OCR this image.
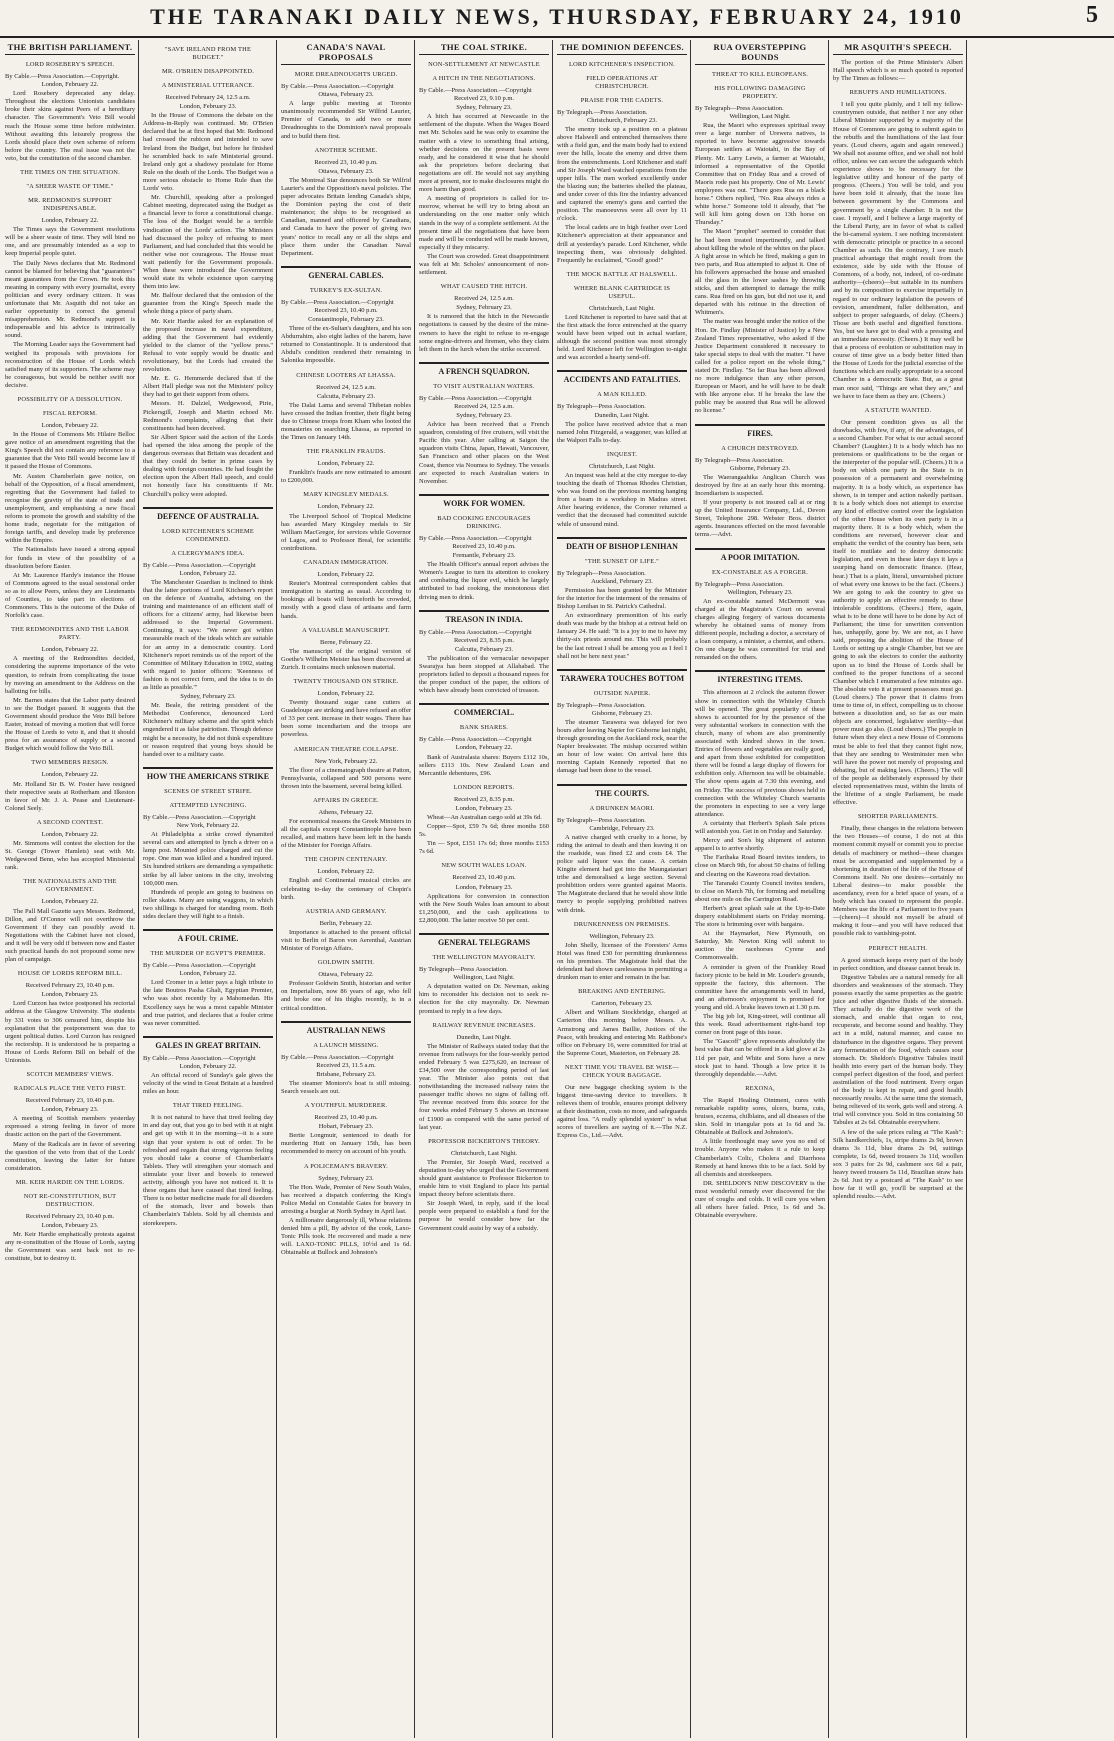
THE TARANAKI DAILY NEWS, THURSDAY, FEBRUARY 24, 1910	5
THE BRITISH PARLIAMENT.
LORD ROSEBERY'S SPEECH.
By Cable.—Press Association.—Copyright.
London, February 22.
Lord Rosebery deprecated any delay. Throughout the elections Unionists candidates broke their skins against Peers of a hereditary character. The Government's Veto Bill would reach the House some time before midwinter. Without awaiting this leisurely progress the Lords should place their own scheme of reform before the country. The real issue was not the veto, but the constitution of the second chamber.
THE TIMES ON THE SITUATION.
"A SHEER WASTE OF TIME."
MR. REDMOND'S SUPPORT INDISPENSABLE.
London, February 22.
The Times says the Government resolutions will be a sheer waste of time. They will bind no one, and are presumably intended as a sop to keep Imperial people quiet.
The Daily News declares that Mr. Redmond cannot be blamed for believing that "guarantees" meant guarantees from the Crown. He took this meaning in company with every journalist, every politician and every ordinary citizen. It was unfortunate that Mr. Asquith did not take an earlier opportunity to correct the general misapprehension. Mr. Redmond's support is indispensable and his advice is intrinsically sound.
The Morning Leader says the Government had weighed its proposals with provisions for reconstruction of the House of Lords which satisfied many of its supporters. The scheme may be courageous, but would be neither swift nor decisive.
POSSIBILITY OF A DISSOLUTION.
FISCAL REFORM.
London, February 22.
In the House of Commons Mr. Hilaire Belloc gave notice of an amendment regretting that the King's Speech did not contain any reference to a guarantee that the Veto Bill would become law if it passed the House of Commons.
Mr. Austen Chamberlain gave notice, on behalf of the Opposition, of a fiscal amendment, regretting that the Government had failed to recognise the gravity of the state of trade and unemployment, and emphasising a new fiscal reform to promote the growth and stability of the home trade, negotiate for the mitigation of foreign tariffs, and develop trade by preference within the Empire.
The Nationalists have issued a strong appeal for funds in view of the possibility of a dissolution before Easter.
At Mr. Laurence Hardy's instance the House of Commons agreed to the usual sessional order so as to allow Peers, unless they are Lieutenants of Counties, to take part in elections of Commoners. This is the outcome of the Duke of Norfolk's case.
THE REDMONDITES AND THE LABOR PARTY.
London, February 22.
A meeting of the Redmondites decided, considering the supreme importance of the veto question, to refrain from complicating the issue by moving an amendment to the Address on the balloting for bills.
Mr. Barnes states that the Labor party desired to see the Budget passed. It suggests that the Government should produce the Veto Bill before Easter, instead of moving a motion that will force the House of Lords to veto it, and that it should press for an assurance of supply or a second Budget which would follow the Veto Bill.
TWO MEMBERS RESIGN.
London, February 22.
Mr. Holland Sir B. W. Foster have resigned their respective seats at Rotherham and Ilkeston in favor of Mr. J. A. Pease and Lieutenant-Colonel Seely.
A SECOND CONTEST.
London, February 22.
Mr. Simmons will contest the election for the St. George (Tower Hamlets) seat with Mr. Wedgewood Benn, who has accepted Ministerial rank.
THE NATIONALISTS AND THE GOVERNMENT.
London, February 22.
The Pall Mall Gazette says Messrs. Redmond, Dillon, and O'Connor will not overthrow the Government if they can possibly avoid it. Negotiations with the Cabinet have not closed, and it will be very odd if between now and Easter such practical hands do not propound some new plan of campaign.
HOUSE OF LORDS REFORM BILL.
Received February 23, 10.40 p.m.
London, February 23.
Lord Curzon has twice postponed his rectorial address at the Glasgow University. The students by 331 votes to 306 censured him, despite his explanation that the postponement was due to urgent political duties. Lord Curzon has resigned the rectorship. It is understood he is preparing a House of Lords Reform Bill on behalf of the Unionists.
SCOTCH MEMBERS' VIEWS.
RADICALS PLACE THE VETO FIRST.
Received February 23, 10.40 p.m.
London, February 23.
A meeting of Scottish members yesterday expressed a strong feeling in favor of more drastic action on the part of the Government.
Many of the Radicals are in favor of severing the question of the veto from that of the Lords' constitution, leaving the latter for future consideration.
MR. KEIR HARDIE ON THE LORDS.
NOT RE-CONSTITUTION, BUT DESTRUCTION.
Received February 23, 10.40 p.m.
London, February 23.
Mr. Keir Hardie emphatically protests against any re-constitution of the House of Lords, saying the Government was sent back not to re-constitute, but to destroy it.
"SAVE IRELAND FROM THE BUDGET."
MR. O'BRIEN DISAPPOINTED.
A MINISTERIAL UTTERANCE.
Received February 24, 12.5 a.m.
London, February 23.
In the House of Commons the debate on the Address-in-Reply was continued. Mr. O'Brien declared that he at first hoped that Mr. Redmond had crossed the rubicon and intended to save Ireland from the Budget, but before he finished he scrambled back to safe Ministerial ground. Ireland only got a shadowy postulate for Home Rule on the death of the Lords. The Budget was a more serious obstacle to Home Rule than the Lords' veto.
Mr. Churchill, speaking after a prolonged Cabinet meeting, deprecated using the Budget as a financial lever to force a constitutional change. The loss of the Budget would be a terrible vindication of the Lords' action. The Ministers had discussed the policy of refusing to meet Parliament, and had concluded that this would be neither wise nor courageous. The House must wait patiently for the Government proposals. When these were introduced the Government would state its whole existence upon carrying them into law.
Mr. Balfour declared that the omission of the guarantee from the King's Speech made the whole thing a piece of party sham.
Mr. Keir Hardie asked for an explanation of the proposed increase in naval expenditure, adding that the Government had evidently yielded to the clamor of the "yellow press." Refusal to vote supply would be drastic and revolutionary, but the Lords had created the revolution.
Mr. E. G. Hemmerde declared that if the Albert Hall pledge was not the Ministers' policy they had to get their support from others.
Messrs. H. Dalziel, Wedgewood, Pirie, Pickersgill, Joseph and Martin echoed Mr. Redmond's complaints, alleging that their constituents had been deceived.
Sir Albert Spicer said the action of the Lords had opened the idea among the people of the dangerous overseas that Britain was decadent and that they could do better in prime cases by dealing with foreign countries. He had fought the election upon the Albert Hall speech, and could not honestly face his constituents if Mr. Churchill's policy were adopted.
DEFENCE OF AUSTRALIA.
LORD KITCHENER'S SCHEME CONDEMNED.
A CLERGYMAN'S IDEA.
By Cable.—Press Association.—Copyright
London, February 22.
The Manchester Guardian is inclined to think that the latter portions of Lord Kitchener's report on the defence of Australia, advising on the training and maintenance of an efficient staff of officers for a citizens' army, had likewise been addressed to the Imperial Government. Continuing, it says: "We never got within measurable reach of the ideals which are suitable for an army in a democratic country. Lord Kitchener's report reminds us of the report of the Committee of Military Education in 1902, stating with regard to junior officers: 'Keenness of fashion is not correct form, and the idea is to do as little as possible.'"
Sydney, February 23.
Mr. Beale, the retiring president of the Methodist Conference, denounced Lord Kitchener's military scheme and the spirit which engendered it as false patriotism. Though defence might be a necessity, he did not think expenditure or reason required that young boys should be handed over to a military caste.
HOW THE AMERICANS STRIKE
SCENES OF STREET STRIFE.
ATTEMPTED LYNCHING.
By Cable.—Press Association.—Copyright
New York, February 22.
At Philadelphia a strike crowd dynamited several cars and attempted to lynch a driver on a lamp post. Mounted police charged and cut the rope. One man was killed and a hundred injured. Six hundred strikers are demanding a sympathetic strike by all labor unions in the city, involving 100,000 men.
Hundreds of people are going to business on roller skates. Many are using waggons, in which two shillings is charged for standing room. Both sides declare they will fight to a finish.
A FOUL CRIME.
THE MURDER OF EGYPT'S PREMIER.
By Cable.—Press Association.—Copyright
London, February 22.
Lord Cromer in a letter pays a high tribute to the late Boutros Pasha Ghali, Egyptian Premier, who was shot recently by a Mahomedan. His Excellency says he was a most capable Minister and true patriot, and declares that a fouler crime was never committed.
GALES IN GREAT BRITAIN.
By Cable.—Press Association.—Copyright
London, February 22.
An official record of Sunday's gale gives the velocity of the wind in Great Britain at a hundred miles an hour.
THAT TIRED FEELING.
It is not natural to have that tired feeling day in and day out, that you go to bed with it at night and get up with it in the morning—it is a sure sign that your system is out of order. To be refreshed and regain that strong vigorous feeling you should take a course of Chamberlain's Tablets. They will strengthen your stomach and stimulate your liver and bowels to renewed activity, although you have not noticed it. It is these organs that have caused that tired feeling. There is no better medicine made for all disorders of the stomach, liver and bowels than Chamberlain's Tablets. Sold by all chemists and storekeepers.
CANADA'S NAVAL PROPOSALS
MORE DREADNOUGHTS URGED.
By Cable.—Press Association.—Copyright
Ottawa, February 23.
A large public meeting at Toronto unanimously recommended Sir Wilfrid Laurier, Premier of Canada, to add two or more Dreadnoughts to the Dominion's naval proposals and to build them first.
ANOTHER SCHEME.
Received 23, 10.40 p.m.
Ottawa, February 23.
The Montreal Star denounces both Sir Wilfrid Laurier's and the Opposition's naval policies. The paper advocates Britain lending Canada's ships, the Dominion paying the cost of their maintenance; the ships to be recognised as Canadian, manned and officered by Canadians, and Canada to have the power of giving two years' notice to recall any or all the ships and place them under the Canadian Naval Department.
GENERAL CABLES.
TURKEY'S EX-SULTAN.
By Cable.—Press Association.—Copyright
Received 23, 10.40 p.m.
Constantinople, February 23.
Three of the ex-Sultan's daughters, and his son Abdurrahim, also eight ladies of the harem, have returned to Constantinople. It is understood that Abdul's condition rendered their remaining in Salonika impossible.
CHINESE LOOTERS AT LHASSA.
Received 24, 12.5 a.m.
Calcutta, February 23.
The Dalai Lama and several Thibetan nobles have crossed the Indian frontier, their flight being due to Chinese troops from Kham who looted the monasteries on searching Lhassa, as reported in the Times on January 14th.
THE FRANKLIN FRAUDS.
London, February 22.
Franklin's frauds are now estimated to amount to £200,000.
MARY KINGSLEY MEDALS.
London, February 22.
The Liverpool School of Tropical Medicine has awarded Mary Kingsley medals to Sir William MacGregor, for services while Governor of Lagos, and to Professor Breal, for scientific contributions.
CANADIAN IMMIGRATION.
London, February 22.
Reuter's Montreal correspondent cables that immigration is starting as usual. According to bookings all boats will henceforth be crowded, mostly with a good class of artisans and farm hands.
A VALUABLE MANUSCRIPT.
Berne, February 22.
The manuscript of the original version of Goethe's Wilhelm Meister has been discovered at Zurich. It contains much unknown material.
TWENTY THOUSAND ON STRIKE.
London, February 22.
Twenty thousand sugar cane cutters at Guadeloupe are striking and have refused an offer of 33 per cent. increase in their wages. There has been some incendiarism and the troops are powerless.
AMERICAN THEATRE COLLAPSE.
New York, February 22.
The floor of a cinematograph theatre at Patton, Pennsylvania, collapsed and 500 persons were thrown into the basement, several being killed.
AFFAIRS IN GREECE.
Athens, February 22.
For economical reasons the Greek Ministers in all the capitals except Constantinople have been recalled, and matters have been left in the hands of the Minister for Foreign Affairs.
THE CHOPIN CENTENARY.
London, February 22.
English and Continental musical circles are celebrating to-day the centenary of Chopin's birth.
AUSTRIA AND GERMANY.
Berlin, February 22.
Importance is attached to the present official visit to Berlin of Baron von Aerenthal, Austrian Minister of Foreign Affairs.
GOLDWIN SMITH.
Ottawa, February 22.
Professor Goldwin Smith, historian and writer on Imperialism, now 86 years of age, who fell and broke one of his thighs recently, is in a critical condition.
AUSTRALIAN NEWS
A LAUNCH MISSING.
By Cable.—Press Association.—Copyright
Received 23, 11.5 a.m.
Brisbane, February 23.
The steamer Montoro's boat is still missing. Search vessels are out.
A YOUTHFUL MURDERER.
Received 23, 10.40 p.m.
Hobart, February 23.
Bertie Longmuir, sentenced to death for murdering Hutt on January 15th, has been recommended to mercy on account of his youth.
A POLICEMAN'S BRAVERY.
Sydney, February 23.
The Hon. Wade, Premier of New South Wales, has received a dispatch conferring the King's Police Medal on Constable Gates for bravery in arresting a burglar at North Sydney in April last.
A millionaire dangerously ill, Whose relations denied him a pill, By advice of the cook, Laxo-Tonic Pills took. He recovered and made a new will. LAXO-TONIC PILLS, 10½d and 1s 6d. Obtainable at Bullock and Johnston's
THE COAL STRIKE.
NON-SETTLEMENT AT NEWCASTLE
A HITCH IN THE NEGOTIATIONS.
By Cable.—Press Association.—Copyright
Received 23, 9.10 p.m.
Sydney, February 23.
A hitch has occurred at Newcastle in the settlement of the dispute. When the Wages Board met Mr. Scholes said he was only to examine the matter with a view to something final arising, whether decisions on the present basis were ready, and he considered it wise that he should ask the proprietors before declaring that negotiations are off. He would not say anything more at present, nor to make disclosures might do more harm than good.
A meeting of proprietors is called for to-morrow, whereat he will try to bring about an understanding on the one matter only which stands in the way of a complete settlement. At the present time all the negotiations that have been made and will be conducted will be made known, especially if they miscarry.
The Court was crowded. Great disappointment was felt at Mr. Scholes' announcement of non-settlement.
WHAT CAUSED THE HITCH.
Received 24, 12.5 a.m.
Sydney, February 23.
It is rumored that the hitch in the Newcastle negotiations is caused by the desire of the mine-owners to have the right to refuse to re-engage some engine-drivers and firemen, who they claim left them in the lurch when the strike occurred.
A FRENCH SQUADRON.
TO VISIT AUSTRALIAN WATERS.
By Cable.—Press Association.—Copyright
Received 24, 12.5 a.m.
Sydney, February 23.
Advice has been received that a French squadron, consisting of five cruisers, will visit the Pacific this year. After calling at Saigon the squadron visits China, Japan, Hawaii, Vancouver, San Francisco and other places on the West Coast, thence via Noumea to Sydney. The vessels are expected to reach Australian waters in November.
WORK FOR WOMEN.
BAD COOKING ENCOURAGES DRINKING.
By Cable.—Press Association.—Copyright
Received 23, 10.40 p.m.
Fremantle, February 23.
The Health Officer's annual report advises the Women's League to turn its attention to cookery and combating the liquor evil, which he largely attributed to bad cooking, the monotonous diet driving men to drink.
TREASON IN INDIA.
By Cable.—Press Association.—Copyright
Received 23, 8.35 p.m.
Calcutta, February 23.
The publication of the vernacular newspaper Swarajya has been stopped at Allahabad. The proprietors failed to deposit a thousand rupees for the proper conduct of the paper, the editors of which have already been convicted of treason.
COMMERCIAL.
BANK SHARES.
By Cable.—Press Association.—Copyright
London, February 22.
Bank of Australasia shares: Buyers £112 10s, sellers £113 10s. New Zealand Loan and Mercantile debentures, £96.
LONDON REPORTS.
Received 23, 8.35 p.m.
London, February 23.
Wheat—An Australian cargo sold at 39s 6d.
Copper—Spot, £59 7s 6d; three months £60 5s.
Tin — Spot, £151 17s 6d; three months £153 7s 6d.
NEW SOUTH WALES LOAN.
Received 23, 10.40 p.m.
London, February 23.
Applications for conversion in connection with the New South Wales loan amount to about £1,250,000, and the cash applications to £2,800,000. The latter receive 50 per cent.
GENERAL TELEGRAMS
THE WELLINGTON MAYORALTY.
By Telegraph—Press Association.
Wellington, Last Night.
A deputation waited on Dr. Newman, asking him to reconsider his decision not to seek re-election for the city mayoralty. Dr. Newman promised to reply in a few days.
RAILWAY REVENUE INCREASES.
Dunedin, Last Night.
The Minister of Railways stated today that the revenue from railways for the four-weekly period ended February 5 was £275,620, an increase of £34,500 over the corresponding period of last year. The Minister also points out that notwithstanding the increased railway rates the passenger traffic shows no signs of falling off. The revenue received from this source for the four weeks ended February 5 shows an increase of £1900 as compared with the same period of last year.
PROFESSOR BICKERTON'S THEORY.
Christchurch, Last Night.
The Premier, Sir Joseph Ward, received a deputation to-day who urged that the Government should grant assistance to Professor Bickerton to enable him to visit England to place his partial impact theory before scientists there.
Sir Joseph Ward, in reply, said if the local people were prepared to establish a fund for the purpose he would consider how far the Government could assist by way of a subsidy.
THE DOMINION DEFENCES.
LORD KITCHENER'S INSPECTION.
FIELD OPERATIONS AT CHRISTCHURCH.
PRAISE FOR THE CADETS.
By Telegraph.—Press Association.
Christchurch, February 23.
The enemy took up a position on a plateau above Halswell and entrenched themselves there with a field gun, and the main body had to extend over the hills, locate the enemy and drive them from the entrenchments. Lord Kitchener and staff and Sir Joseph Ward watched operations from the upper hills. The men worked excellently under the blazing sun; the batteries shelled the plateau, and under cover of this fire the infantry advanced and captured the enemy's guns and carried the position. The manoeuvres were all over by 11 o'clock.
The local cadets are in high feather over Lord Kitchener's appreciation at their appearance and drill at yesterday's parade. Lord Kitchener, while inspecting them, was obviously delighted. Frequently he exclaimed, "Good! good!"
THE MOCK BATTLE AT HALSWELL.
WHERE BLANK CARTRIDGE IS USEFUL.
Christchurch, Last Night.
Lord Kitchener is reported to have said that at the first attack the force entrenched at the quarry would have been wiped out in actual warfare, although the second position was most strongly held. Lord Kitchener left for Wellington to-night and was accorded a hearty send-off.
ACCIDENTS AND FATALITIES.
A MAN KILLED.
By Telegraph—Press Association.
Dunedin, Last Night.
The police have received advice that a man named John Fitzgerald, a waggoner, was killed at the Walpori Falls to-day.
INQUEST.
Christchurch, Last Night.
An inquest was held at the city morgue to-day touching the death of Thomas Rhodes Christian, who was found on the previous morning hanging from a beam in a workshop in Madras street. After hearing evidence, the Coroner returned a verdict that the deceased had committed suicide while of unsound mind.
DEATH OF BISHOP LENIHAN
"THE SUNSET OF LIFE."
By Telegraph—Press Association.
Auckland, February 23.
Permission has been granted by the Minister for the interior for the interment of the remains of Bishop Lenihan in St. Patrick's Cathedral.
An extraordinary premonition of his early death was made by the bishop at a retreat held on January 24. He said: "It is a joy to me to have my thirty-six priests around me. This will probably be the last retreat I shall be among you as I feel I shall not be here next year."
TARAWERA TOUCHES BOTTOM
OUTSIDE NAPIER.
By Telegraph—Press Association.
Gisborne, February 23.
The steamer Tarawera was delayed for two hours after leaving Napier for Gisborne last night, through grounding on the Auckland rock, near the Napier breakwater. The mishap occurred within an hour of low water. On arrival here this morning Captain Kennedy reported that no damage had been done to the vessel.
THE COURTS.
A DRUNKEN MAORI.
By Telegraph—Press Association.
Cambridge, February 23.
A native charged with cruelty to a horse, by riding the animal to death and then leaving it on the roadside, was fined £2 and costs £4. The police said liquor was the cause. A certain Kingite element had got into the Maungatautari tribe and demoralised a large section. Several prohibition orders were granted against Maoris. The Magistrate declared that he would show little mercy to people supplying prohibited natives with drink.
DRUNKENNESS ON PREMISES.
Wellington, February 23.
John Shelly, licensee of the Foresters' Arms Hotel was fined £30 for permitting drunkenness on his premises. The Magistrate held that the defendant had shown carelessness in permitting a drunken man to enter and remain in the bar.
BREAKING AND ENTERING.
Carterton, February 23.
Albert and William Stockbridge, charged at Carterton this morning before Messrs. A. Armstrong and James Baillie, Justices of the Peace, with breaking and entering Mr. Rathbone's office on February 16, were committed for trial at the Supreme Court, Masterton, on February 28.
NEXT TIME YOU TRAVEL BE WISE—CHECK YOUR BAGGAGE.
Our new baggage checking system is the biggest time-saving device to travellers. It relieves them of trouble, ensures prompt delivery at their destination, costs no more, and safeguards against loss. "A really splendid system" is what scores of travellers are saying of it.—The N.Z. Express Co., Ltd.—Advt.
RUA OVERSTEPPING BOUNDS
THREAT TO KILL EUROPEANS.
HIS FOLLOWING DAMAGING PROPERTY.
By Telegraph—Press Association.
Wellington, Last Night.
Rua, the Maori who expresses spiritual sway over a large number of Urewera natives, is reported to have become aggressive towards European settlers at Waiotahi, in the Bay of Plenty. Mr. Larry Lewis, a farmer at Waiotahi, informed a representative of the Opotiki Committee that on Friday Rua and a crowd of Maoris rode past his property. One of Mr. Lewis' employees was out. "There goes Rua on a black horse." Others replied, "No. Rua always rides a white horse." Someone told it already, that "he will kill him going down on 13th horse on Thursday."
The Maori "prophet" seemed to consider that he had been treated impertinently, and talked about killing the whole of the whites on the place. A fight arose in which he fired, making a gun in two parts, and Rua attempted to adjust it. One of his followers approached the house and smashed all the glass in the lower sashes by throwing sticks, and then attempted to damage the milk cans. Rua fired on his gun, but did not use it, and departed with his retinue in the direction of Whitmen's.
The matter was brought under the notice of the Hon. Dr. Findlay (Minister of Justice) by a New Zealand Times representative, who asked if the Justice Department considered it necessary to take special steps to deal with the matter. "I have called for a police report on the whole thing," stated Dr. Findlay. "So far Rua has been allowed no more indulgence than any other person, European or Maori, and he will have to be dealt with like anyone else. If he breaks the law the public may be assured that Rua will be allowed no license."
FIRES.
A CHURCH DESTROYED.
By Telegraph—Press Association.
Gisborne, February 23.
The Waerangaahika Anglican Church was destroyed by fire at an early hour this morning. Incendiarism is suspected.
If your property is not insured call at or ring up the United Insurance Company, Ltd., Devon Street, Telephone 298. Webster Bros. district agents. Insurances effected on the most favorable terms.—Advt.
A POOR IMITATION.
EX-CONSTABLE AS A FORGER.
By Telegraph—Press Association.
Wellington, February 23.
An ex-constable named McDermott was charged at the Magistrate's Court on several charges alleging forgery of various documents whereby he obtained sums of money from different people, including a doctor, a secretary of a loan company, a minister, a chemist, and others. On one charge he was committed for trial and remanded on the others.
INTERESTING ITEMS.
This afternoon at 2 o'clock the autumn flower show in connection with the Whiteley Church will be opened. The great popularity of these shows is accounted for by the presence of the very substantial workers in connection with the church, many of whom are also prominently associated with kindred shows in the town. Entries of flowers and vegetables are really good, and apart from those exhibited for competition there will be found a large display of flowers for exhibition only. Afternoon tea will be obtainable. The show opens again at 7.30 this evening, and on Friday. The success of previous shows held in connection with the Whiteley Church warrants the promoters in expecting to see a very large attendance.
A certainty that Herbert's Splash Sale prices will astonish you. Get in on Friday and Saturday.
Mercy and Son's big shipment of autumn apparel is to arrive shortly.
The Farihaka Road Board invites tenders, to close on March 9th, for about 50 chains of felling and clearing on the Kaweora road deviation.
The Taranaki County Council invites tenders, to close on March 7th, for forming and metalling about one mile on the Carrington Road.
Herbert's great splash sale at the Up-to-Date drapery establishment starts on Friday morning. The store is brimming over with bargains.
At the Haymarket, New Plymouth, on Saturday, Mr. Newton King will submit to auction the racehorses Cyrene and Commonwealth.
A reminder is given of the Frankley Road factory picnic to be held in Mr. Louder's grounds, opposite the factory, this afternoon. The committee have the arrangements well in hand, and an afternoon's enjoyment is promised for young and old. A brake leaves town at 1.30 p.m.
The big job lot, King-street, will continue all this week. Read advertisement right-hand top corner on front page of this issue.
The "Gascoff" glove represents absolutely the best value that can be offered in a kid glove at 2s 11d per pair, and White and Sons have a new stock just to hand. Though a low price it is thoroughly dependable.—Advt.
REXONA,
The Rapid Healing Ointment, cures with remarkable rapidity sores, ulcers, burns, cuts, bruises, eczema, chilblains, and all diseases of the skin. Sold in triangular pots at 1s 6d and 3s. Obtainable at Bullock and Johnston's.
A little forethought may save you no end of trouble. Anyone who makes it a rule to keep Chamberlain's Colic, Cholera and Diarrhoea Remedy at hand knows this to be a fact. Sold by all chemists and storekeepers.
DR. SHELDON'S NEW DISCOVERY is the most wonderful remedy ever discovered for the cure of coughs and colds. It will cure you when all others have failed. Price, 1s 6d and 3s. Obtainable everywhere.
MR ASQUITH'S SPEECH.
The portion of the Prime Minister's Albert Hall speech which is so much quoted is reported by The Times as follows:—
REBUFFS AND HUMILIATIONS.
I tell you quite plainly, and I tell my fellow-countrymen outside, that neither I nor any other Liberal Minister supported by a majority of the House of Commons are going to submit again to the rebuffs and the humiliations of the last four years. (Loud cheers, again and again renewed.) We shall not assume office, and we shall not hold office, unless we can secure the safeguards which experience shows to be necessary for the legislative utility and honour of the party of progress. (Cheers.) You will be told, and you have been told it already, that the issue lies between government by the Commons and government by a single chamber. It is not the case. I myself, and I believe a large majority of the Liberal Party, are in favor of what is called the bi-cameral system. I see nothing inconsistent with democratic principle or practice in a second Chamber as such. On the contrary, I see much practical advantage that might result from the existence, side by side with the House of Commons, of a body, not, indeed, of co-ordinate authority—(cheers)—but suitable in its numbers and by its composition to exercise impartially in regard to our ordinary legislation the powers of revision, amendment, fuller deliberation, and subject to proper safeguards, of delay. (Cheers.) Those are both useful and dignified functions. Yes, but we have got to deal with a pressing and an immediate necessity. (Cheers.) It may well be that a process of evolution or substitution may in course of time give us a body better fitted than the House of Lords for the judicial exercise of the functions which are really appropriate to a second Chamber in a democratic State. But, as a great man once said, "Things are what they are," and we have to face them as they are. (Cheers.)
A STATUTE WANTED.
Our present condition gives us all the drawbacks, with few, if any, of the advantages, of a second Chamber. For what is our actual second Chamber? (Laughter.) It is a body which has no pretensions or qualifications to be the organ or the interpreter of the popular will. (Cheers.) It is a body on which one party in the State is in possession of a permanent and overwhelming majority. It is a body which, as experience has shown, is in temper and action nakedly partisan. It is a body which does not attempt to exercise any kind of effective control over the legislation of the other House when its own party is in a majority there. It is a body which, when the conditions are reversed, however clear and emphatic the verdict of the country has been, sets itself to mutilate and to destroy democratic legislation, and even in these later days it lays a usurping hand on democratic finance. (Hear, hear.) That is a plain, literal, unvarnished picture of what every one knows to be the fact. (Cheers.) We are going to ask the country to give us authority to apply an effective remedy to these intolerable conditions. (Cheers.) Here, again, what is to be done will have to be done by Act of Parliament; the time for unwritten convention has, unhappily, gone by. We are not, as I have said, proposing the abolition of the House of Lords or setting up a single Chamber, but we are going to ask the electors to confer the authority upon us to bind the House of Lords shall be confined to the proper functions of a second Chamber which I enumerated a few minutes ago. The absolute veto it at present possesses must go. (Loud cheers.) The power that it claims from time to time of, in effect, compelling us to choose between a dissolution and, so far as our main objects are concerned, legislative sterility—that power must go also. (Loud cheers.) The people in future when they elect a new House of Commons must be able to feel that they cannot fight now, that they are sending to Westminster men who will have the power not merely of proposing and debating, but of making laws. (Cheers.) The will of the people as deliberately expressed by their elected representatives must, within the limits of the lifetime of a single Parliament, be made effective.
SHORTER PARLIAMENTS.
Finally, these changes in the relations between the two Houses—of course, I do not at this moment commit myself or commit you to precise details of machinery or method—these changes must be accompanied and supplemented by a shortening in duration of the life of the House of Commons itself. No one desires—certainly no Liberal desires—to make possible the ascendancy, even for a brief space of years, of a body which has ceased to represent the people. Members use the life of a Parliament to five years—(cheers)—I should not myself be afraid of making it four—and you will have reduced that possible risk to vanishing-point.
PERFECT HEALTH.
A good stomach keeps every part of the body in perfect condition, and disease cannot break in.
Digestive Tabules are a natural remedy for all disorders and weaknesses of the stomach. They possess exactly the same properties as the gastric juice and other digestive fluids of the stomach. They actually do the digestive work of the stomach, and enable that organ to rest, recuperate, and become sound and healthy. They act in a mild, natural manner, and cause no disturbance in the digestive organs. They prevent any fermentation of the food, which causes sour stomach. Dr. Sheldon's Digestive Tabules instil health into every part of the human body. They compel perfect digestion of the food, and perfect assimilation of the food nutriment. Every organ of the body is kept in repair, and good health necessarily results. At the same time the stomach, being relieved of its work, gets well and strong. A trial will convince you. Sold in tins containing 50 Tabules at 2s 6d. Obtainable everywhere.
A few of the sale prices ruling at "The Kash": Silk handkerchiefs, 1s, stripe drams 2s 9d, brown drams 3s 11d, blue drams 2s 9d, suitings complete, 1s 6d, tweed trousers 3s 11d, woollen sox 3 pairs for 2s 9d, cashmere sox 6d a pair, heavy tweed trousers 5s 11d, Brazilian straw hats 2s 6d. Just try a postcard at "The Kash" to see how far it will go, you'll be surprised at the splendid results.—Advt.
